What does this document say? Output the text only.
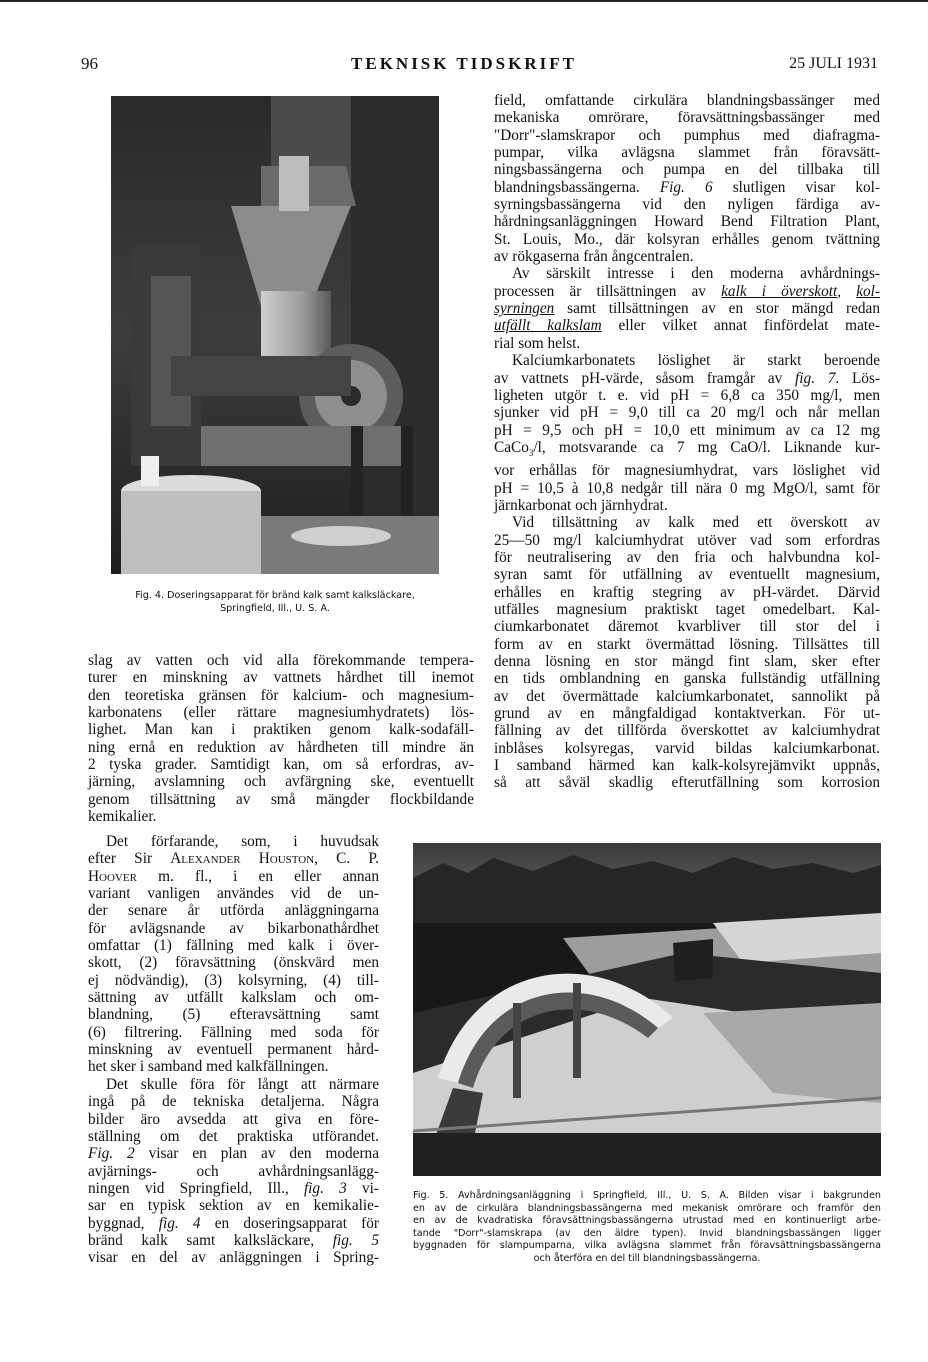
96	TEKNISK TIDSKRIFT	25 JULI 1931
Fig. 4. Doseringsapparat för bränd kalk samt kalksläckare,
Springfield, Ill., U. S. A.
Fig. 5. Avhårdningsanläggning i Springfield, Ill., U. S. A. Bilden visar i bakgrunden
en av de cirkulära blandningsbassängerna med mekanisk omrörare och framför den
en av de kvadratiska föravsättningsbassängerna utrustad med en kontinuerligt arbe-
tande "Dorr"-slamskrapa (av den äldre typen). Invid blandningsbassängen ligger
byggnaden för slampumparna, vilka avlägsna slammet från föravsättningsbassängerna
och återföra en del till blandningsbassängerna.
slag av vatten och vid alla förekommande tempera-
turer en minskning av vattnets hårdhet till inemot
den teoretiska gränsen för kalcium- och magnesium-
karbonatens (eller rättare magnesiumhydratets) lös-
lighet. Man kan i praktiken genom kalk-sodafäll-
ning ernå en reduktion av hårdheten till mindre än
2 tyska grader. Samtidigt kan, om så erfordras, av-
järning, avslamning och avfärgning ske, eventuellt
genom tillsättning av små mängder flockbildande
kemikalier.
Det förfarande, som, i huvudsak
efter Sir Alexander Houston, C. P.
Hoover m. fl., i en eller annan
variant vanligen användes vid de un-
der senare år utförda anläggningarna
för avlägsnande av bikarbonathårdhet
omfattar (1) fällning med kalk i över-
skott, (2) föravsättning (önskvärd men
ej nödvändig), (3) kolsyrning, (4) till-
sättning av utfällt kalkslam och om-
blandning, (5) efteravsättning samt
(6) filtrering. Fällning med soda för
minskning av eventuell permanent hård-
het sker i samband med kalkfällningen.
Det skulle föra för långt att närmare
ingå på de tekniska detaljerna. Några
bilder äro avsedda att giva en före-
ställning om det praktiska utförandet.
Fig. 2 visar en plan av den moderna
avjärnings- och avhårdningsanlägg-
ningen vid Springfield, Ill., fig. 3 vi-
sar en typisk sektion av en kemikalie-
byggnad, fig. 4 en doseringsapparat för
bränd kalk samt kalksläckare, fig. 5
visar en del av anläggningen i Spring-
field, omfattande cirkulära blandningsbassänger med
mekaniska omrörare, föravsättningsbassänger med
"Dorr"-slamskrapor och pumphus med diafragma-
pumpar, vilka avlägsna slammet från föravsätt-
ningsbassängerna och pumpa en del tillbaka till
blandningsbassängerna. Fig. 6 slutligen visar kol-
syrningsbassängerna vid den nyligen färdiga av-
hårdningsanläggningen Howard Bend Filtration Plant,
St. Louis, Mo., där kolsyran erhålles genom tvättning
av rökgaserna från ångcentralen.
Av särskilt intresse i den moderna avhårdnings-
processen är tillsättningen av kalk i överskott, kol-
syrningen samt tillsättningen av en stor mängd redan
utfällt kalkslam eller vilket annat finfördelat mate-
rial som helst.
Kalciumkarbonatets löslighet är starkt beroende
av vattnets pH-värde, såsom framgår av fig. 7. Lös-
ligheten utgör t. e. vid pH = 6,8 ca 350 mg/l, men
sjunker vid pH = 9,0 till ca 20 mg/l och når mellan
pH = 9,5 och pH = 10,0 ett minimum av ca 12 mg
CaCo$_3$/l, motsvarande ca 7 mg CaO/l. Liknande kur-
vor erhållas för magnesiumhydrat, vars löslighet vid
pH = 10,5 à 10,8 nedgår till nära 0 mg MgO/l, samt för
järnkarbonat och järnhydrat.
Vid tillsättning av kalk med ett överskott av
25—50 mg/l kalciumhydrat utöver vad som erfordras
för neutralisering av den fria och halvbundna kol-
syran samt för utfällning av eventuellt magnesium,
erhålles en kraftig stegring av pH-värdet. Därvid
utfälles magnesium praktiskt taget omedelbart. Kal-
ciumkarbonatet däremot kvarbliver till stor del i
form av en starkt övermättad lösning. Tillsättes till
denna lösning en stor mängd fint slam, sker efter
en tids omblandning en ganska fullständig utfällning
av det övermättade kalciumkarbonatet, sannolikt på
grund av en mångfaldigad kontaktverkan. För ut-
fällning av det tillförda överskottet av kalciumhydrat
inblåses kolsyregas, varvid bildas kalciumkarbonat.
I samband härmed kan kalk-kolsyrejämvikt uppnås,
så att såväl skadlig efterutfällning som korrosion
